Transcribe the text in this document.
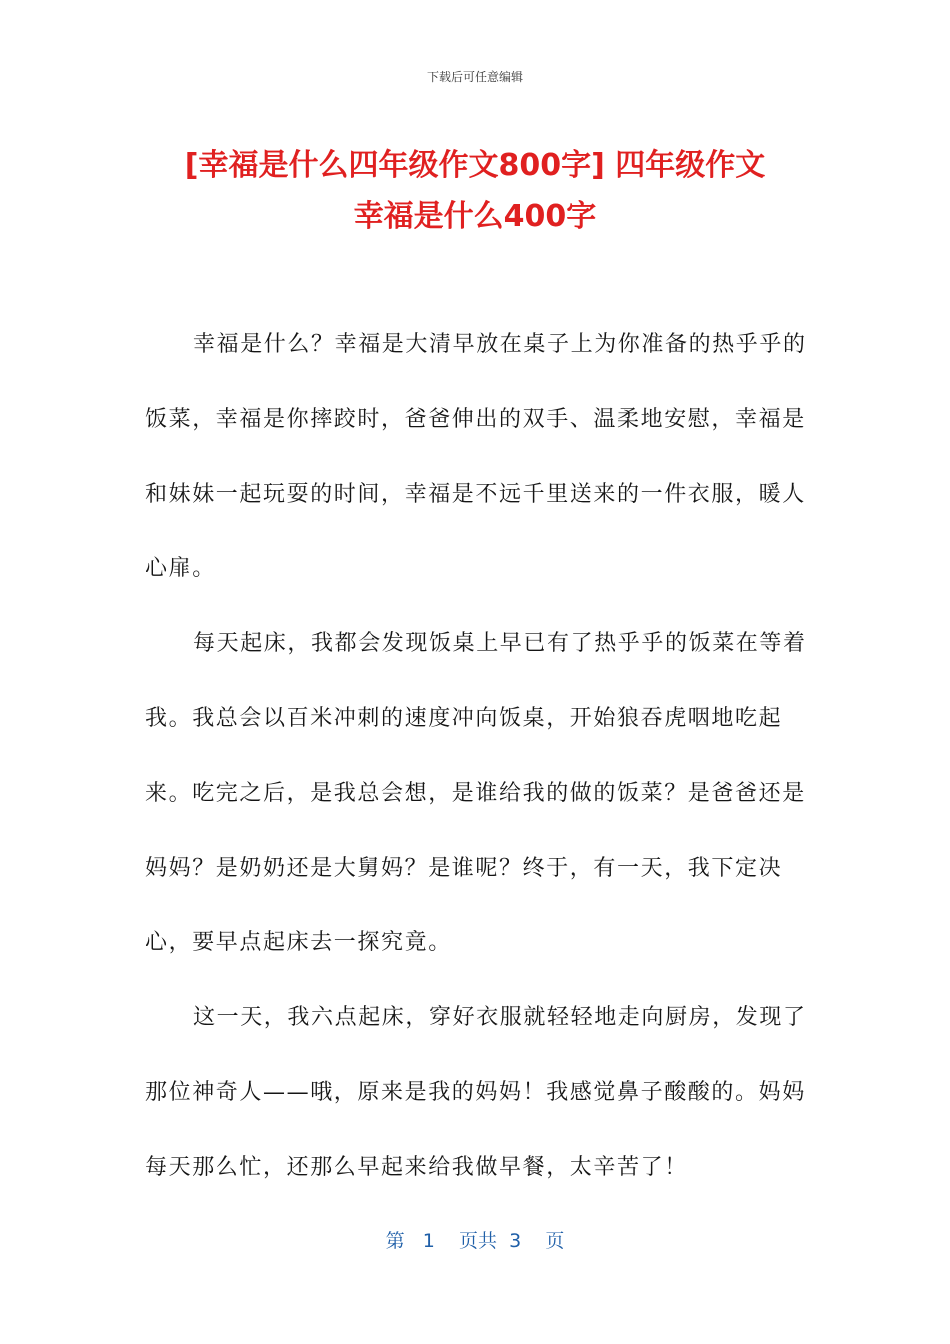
下载后可任意编辑
[幸福是什么四年级作文800字] 四年级作文
幸福是什么400字

幸福是什么？幸福是大清早放在桌子上为你准备的热乎乎的饭菜，幸福是你摔跤时，爸爸伸出的双手、温柔地安慰，幸福是和妹妹一起玩耍的时间，幸福是不远千里送来的一件衣服，暖人心扉。

每天起床，我都会发现饭桌上早已有了热乎乎的饭菜在等着我。我总会以百米冲刺的速度冲向饭桌，开始狼吞虎咽地吃起来。吃完之后，是我总会想，是谁给我的做的饭菜？是爸爸还是妈妈？是奶奶还是大舅妈？是谁呢？终于，有一天，我下定决心，要早点起床去一探究竟。

这一天，我六点起床，穿好衣服就轻轻地走向厨房，发现了那位神奇人——哦，原来是我的妈妈！我感觉鼻子酸酸的。妈妈每天那么忙，还那么早起来给我做早餐，太辛苦了！

第   1    页共  3    页
